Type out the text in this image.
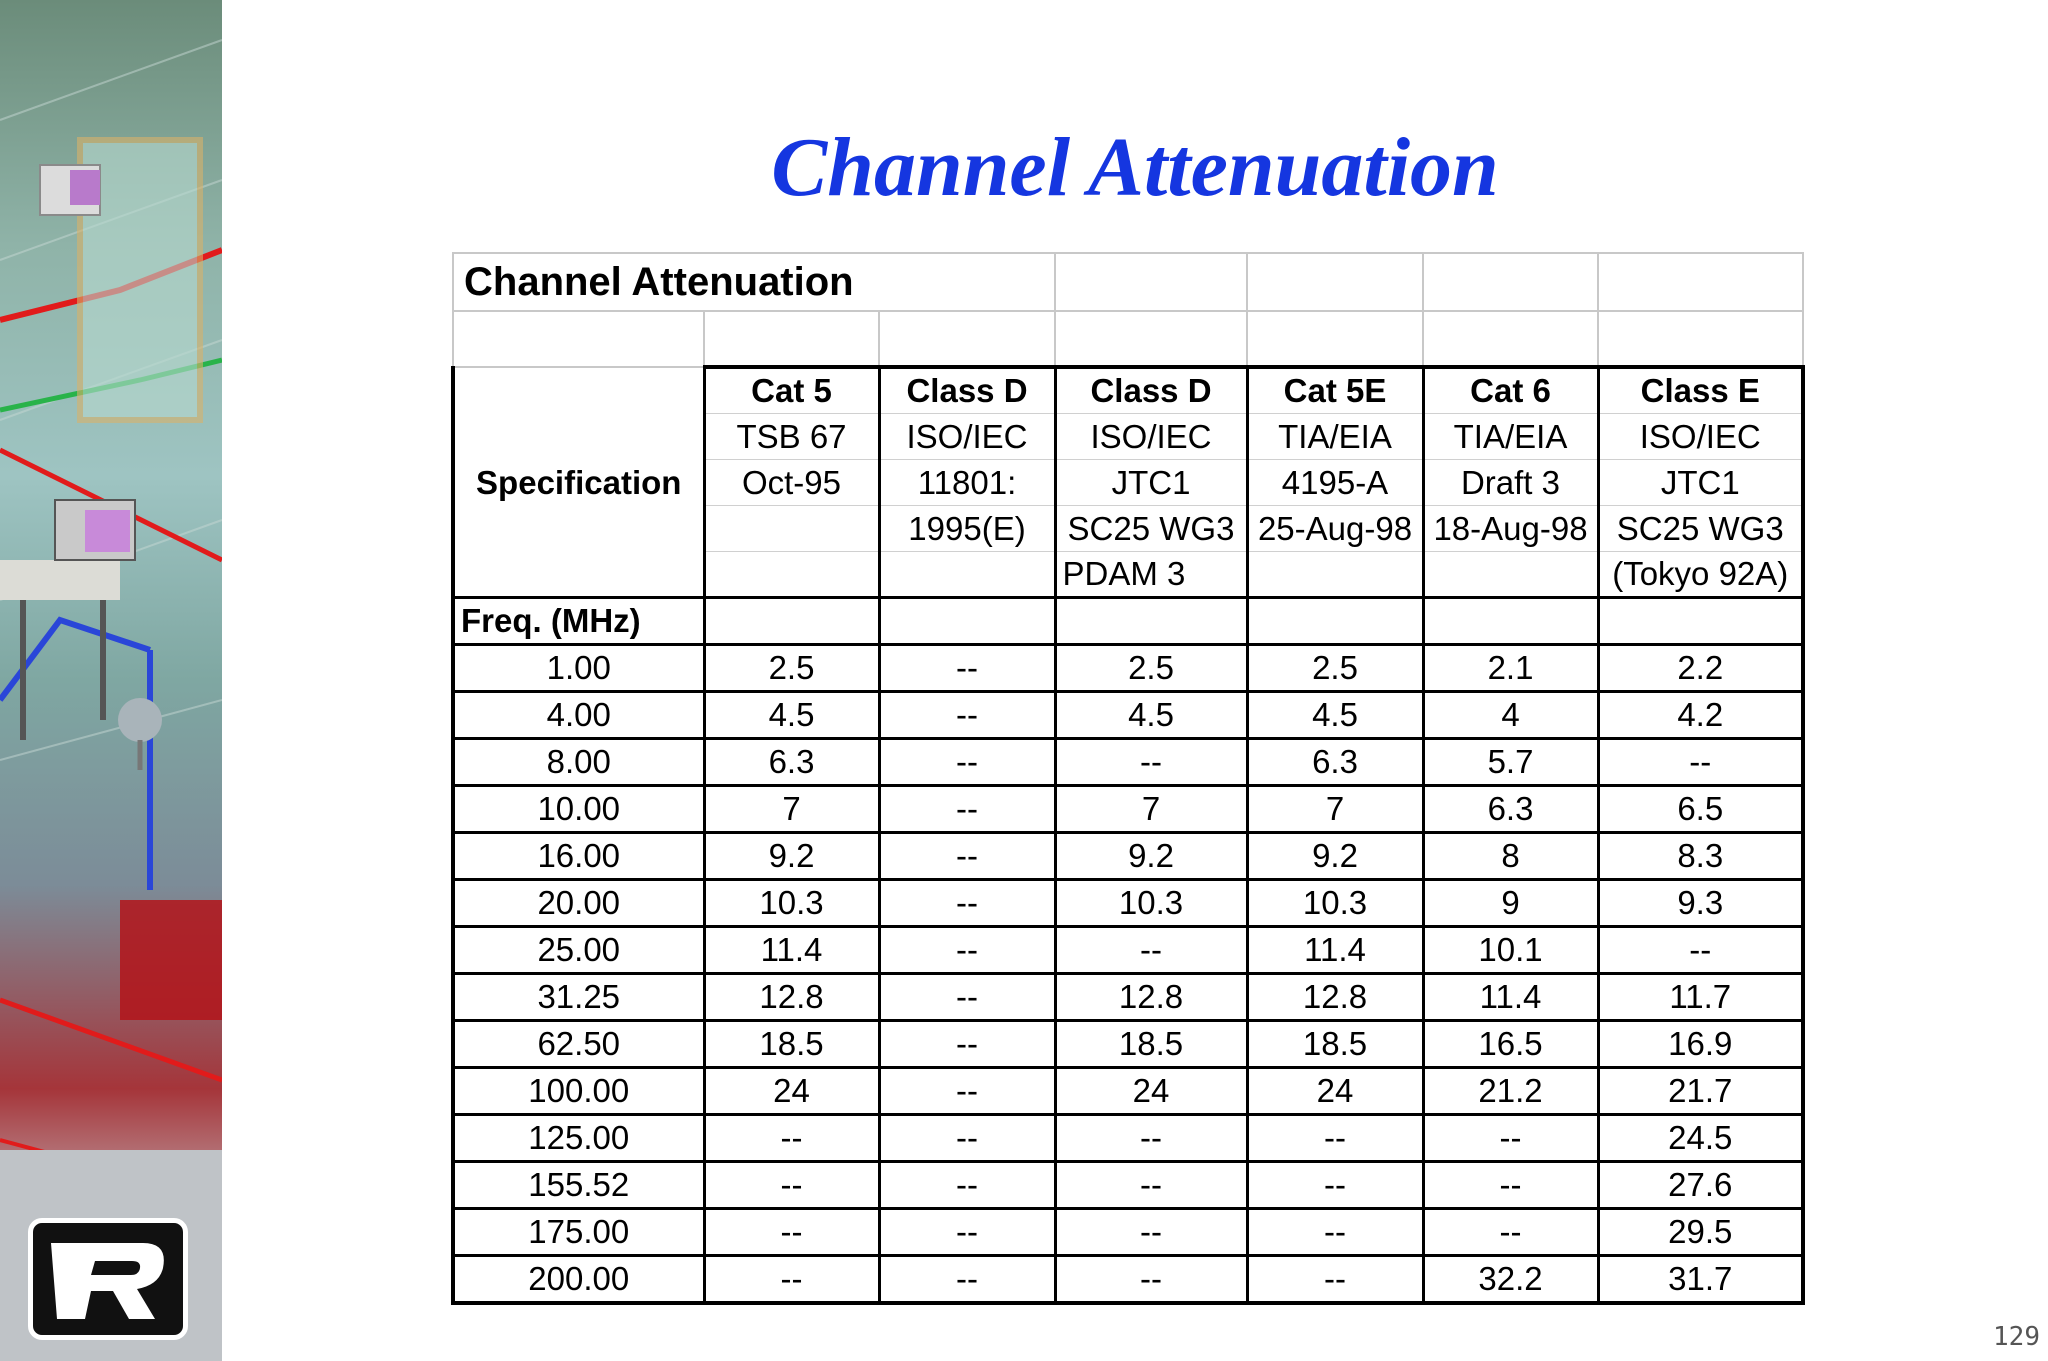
Channel Attenuation
Channel Attenuation						

	Cat 5	Class D	Class D	Cat 5E	Cat 6	Class E
	TSB 67	ISO/IEC	ISO/IEC	TIA/EIA	TIA/EIA	ISO/IEC
Specification	Oct-95	11801:	JTC1	4195-A	Draft 3	JTC1
		1995(E)	SC25 WG3	25-Aug-98	18-Aug-98	SC25 WG3
			PDAM 3			(Tokyo 92A)
Freq. (MHz)						
1.00	2.5	--	2.5	2.5	2.1	2.2
4.00	4.5	--	4.5	4.5	4	4.2
8.00	6.3	--	--	6.3	5.7	--
10.00	7	--	7	7	6.3	6.5
16.00	9.2	--	9.2	9.2	8	8.3
20.00	10.3	--	10.3	10.3	9	9.3
25.00	11.4	--	--	11.4	10.1	--
31.25	12.8	--	12.8	12.8	11.4	11.7
62.50	18.5	--	18.5	18.5	16.5	16.9
100.00	24	--	24	24	21.2	21.7
125.00	--	--	--	--	--	24.5
155.52	--	--	--	--	--	27.6
175.00	--	--	--	--	--	29.5
200.00	--	--	--	--	32.2	31.7
129
